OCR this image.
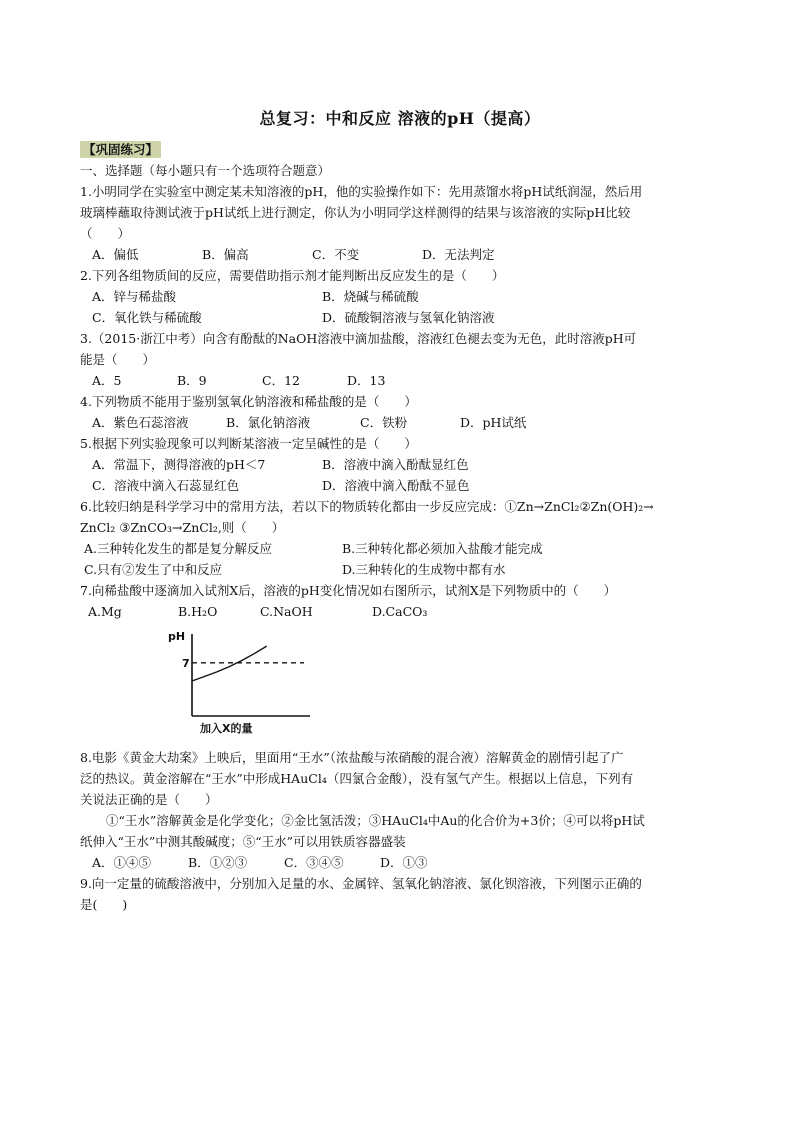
总复习：中和反应 溶液的pH（提高）
【巩固练习】
一、选择题（每小题只有一个选项符合题意）
1.小明同学在实验室中测定某未知溶液的pH，他的实验操作如下：先用蒸馏水将pH试纸润湿，然后用
玻璃棒蘸取待测试液于pH试纸上进行测定，你认为小明同学这样测得的结果与该溶液的实际pH比较
（　　）
A．偏低	B．偏高	C．不变	D．无法判定
2.下列各组物质间的反应，需要借助指示剂才能判断出反应发生的是（　　）
A．锌与稀盐酸	B．烧碱与稀硫酸
C．氧化铁与稀硫酸	D．硫酸铜溶液与氢氧化钠溶液
3.（2015·浙江中考）向含有酚酞的NaOH溶液中滴加盐酸，溶液红色褪去变为无色，此时溶液pH可
能是（　　）
A．5	B．9	C．12	D．13
4.下列物质不能用于鉴别氢氧化钠溶液和稀盐酸的是（　　）
A．紫色石蕊溶液	B．氯化钠溶液	C．铁粉	D．pH试纸
5.根据下列实验现象可以判断某溶液一定呈碱性的是（　　）
A．常温下，测得溶液的pH＜7	B．溶液中滴入酚酞显红色
C．溶液中滴入石蕊显红色	D．溶液中滴入酚酞不显色
6.比较归纳是科学学习中的常用方法，若以下的物质转化都由一步反应完成：①Zn→ZnCl₂②Zn(OH)₂→
ZnCl₂ ③ZnCO₃→ZnCl₂,则（　　）
A.三种转化发生的都是复分解反应	B.三种转化都必须加入盐酸才能完成
C.只有②发生了中和反应	D.三种转化的生成物中都有水
7.向稀盐酸中逐滴加入试剂X后，溶液的pH变化情况如右图所示，试剂X是下列物质中的（　　）
A.Mg	B.H₂O	C.NaOH	D.CaCO₃
pH
加入X的量
7
8.电影《黄金大劫案》上映后，里面用“王水”（浓盐酸与浓硝酸的混合液）溶解黄金的剧情引起了广
泛的热议。黄金溶解在“王水”中形成HAuCl₄（四氯合金酸），没有氢气产生。根据以上信息，下列有
关说法正确的是（　　）
①“王水”溶解黄金是化学变化；②金比氢活泼；③HAuCl₄中Au的化合价为+3价；④可以将pH试
纸伸入“王水”中测其酸碱度；⑤“王水”可以用铁质容器盛装
A．①④⑤	B．①②③	C．③④⑤	D．①③
9.向一定量的硫酸溶液中，分别加入足量的水、金属锌、氢氧化钠溶液、氯化钡溶液，下列图示正确的
是(　　)
